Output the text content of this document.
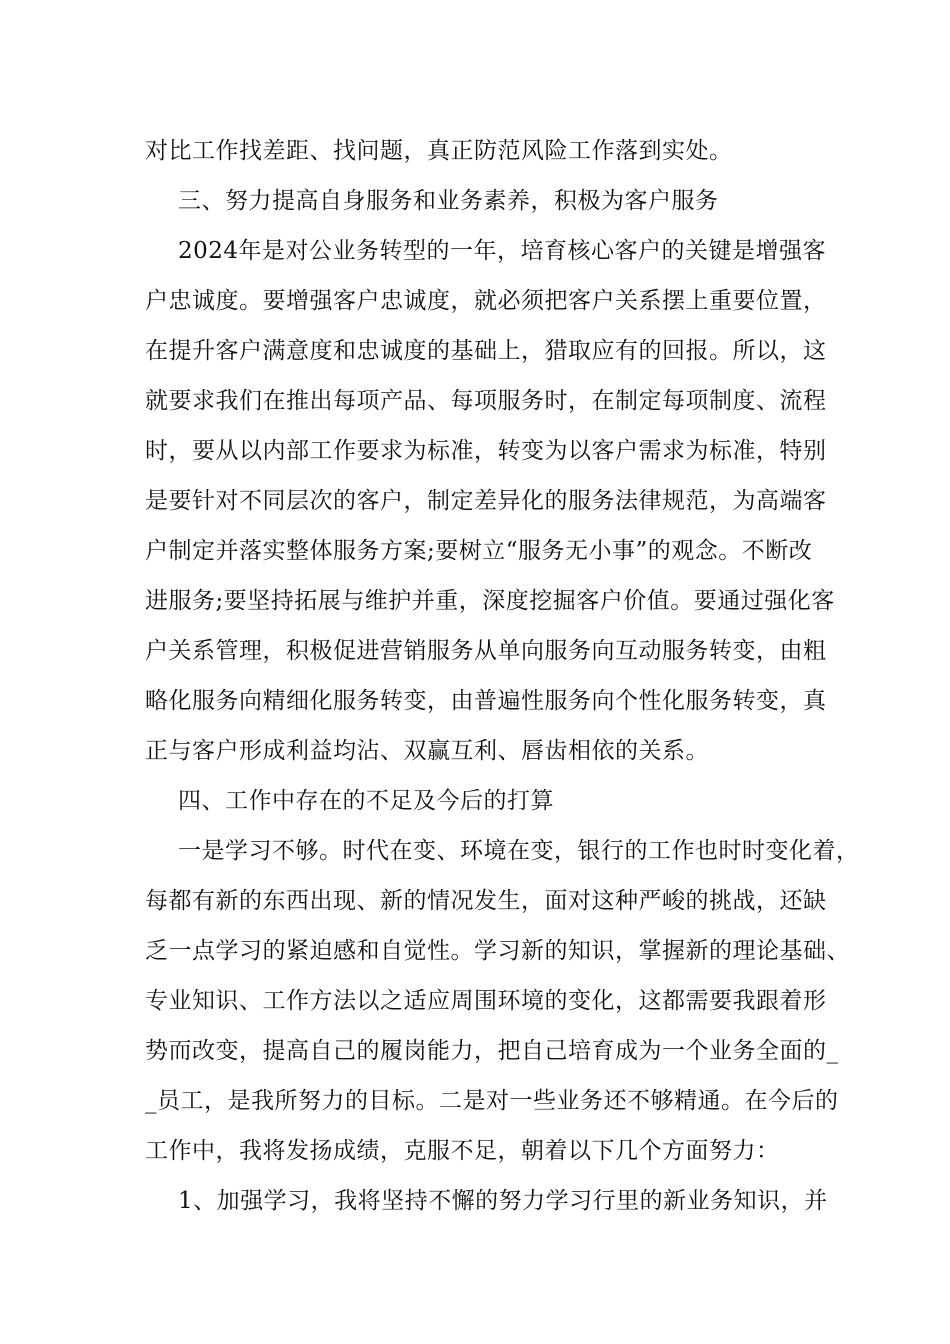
对比工作找差距、找问题，真正防范风险工作落到实处。
三、努力提高自身服务和业务素养，积极为客户服务
2024年是对公业务转型的一年，培育核心客户的关键是增强客
户忠诚度。要增强客户忠诚度，就必须把客户关系摆上重要位置，
在提升客户满意度和忠诚度的基础上，猎取应有的回报。所以，这
就要求我们在推出每项产品、每项服务时，在制定每项制度、流程
时，要从以内部工作要求为标准，转变为以客户需求为标准，特别
是要针对不同层次的客户，制定差异化的服务法律规范，为高端客
户制定并落实整体服务方案;要树立“服务无小事”的观念。不断改
进服务;要坚持拓展与维护并重，深度挖掘客户价值。要通过强化客
户关系管理，积极促进营销服务从单向服务向互动服务转变，由粗
略化服务向精细化服务转变，由普遍性服务向个性化服务转变，真
正与客户形成利益均沾、双赢互利、唇齿相依的关系。
四、工作中存在的不足及今后的打算
一是学习不够。时代在变、环境在变，银行的工作也时时变化着，
每都有新的东西出现、新的情况发生，面对这种严峻的挑战，还缺
乏一点学习的紧迫感和自觉性。学习新的知识，掌握新的理论基础、
专业知识、工作方法以之适应周围环境的变化，这都需要我跟着形
势而改变，提高自己的履岗能力，把自己培育成为一个业务全面的_
_员工，是我所努力的目标。二是对一些业务还不够精通。在今后的
工作中，我将发扬成绩，克服不足，朝着以下几个方面努力：
1、加强学习，我将坚持不懈的努力学习行里的新业务知识，并
